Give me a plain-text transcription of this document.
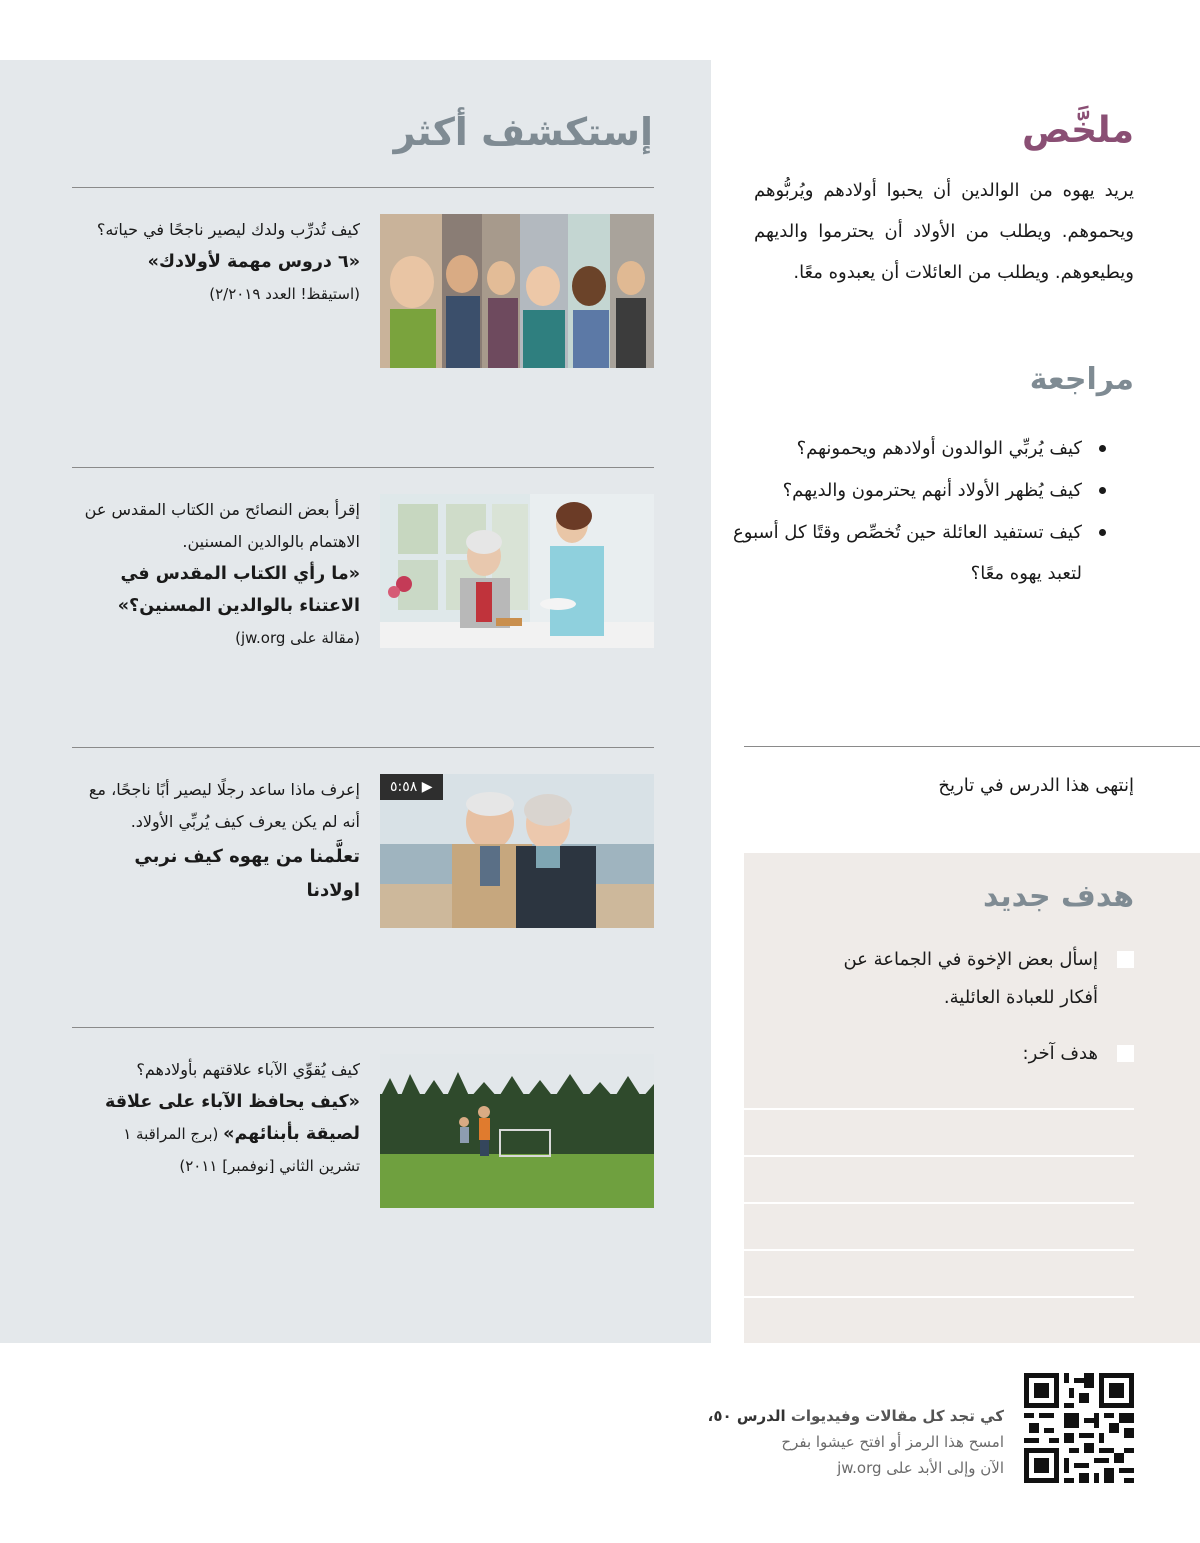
إستكشف أكثر
كيف تُدرِّب ولدك ليصير ناجحًا في حياته؟
«٦ دروس مهمة لأولادك»
(استيقظ! العدد ٢/٢٠١٩)
إقرأ بعض النصائح من الكتاب المقدس عن الاهتمام بالوالدين المسنين.
«ما رأي الكتاب المقدس في الاعتناء بالوالدين المسنين؟»
(مقالة على jw.org)
▶ ٥:٥٨
إعرف ماذا ساعد رجلًا ليصير أبًا ناجحًا، مع أنه لم يكن يعرف كيف يُربِّي الأولاد.
تعلَّمنا من يهوه كيف نربي اولادنا
كيف يُقوِّي الآباء علاقتهم بأولادهم؟
«كيف يحافظ الآباء على علاقة لصيقة بأبنائهم» (برج المراقبة ١ تشرين الثاني [نوفمبر] ٢٠١١)
ملخَّص

يريد يهوه من الوالدين أن يحبوا أولادهم ويُربُّوهم ويحموهم. ويطلب من الأولاد أن يحترموا والديهم ويطيعوهم. ويطلب من العائلات أن يعبدوه معًا.

مراجعة
كيف يُربِّي الوالدون أولادهم ويحمونهم؟
كيف يُظهر الأولاد أنهم يحترمون والديهم؟
كيف تستفيد العائلة حين تُخصِّص وقتًا كل أسبوع لتعبد يهوه معًا؟
إنتهى هذا الدرس في تاريخ
هدف جديد
إسأل بعض الإخوة في الجماعة عن أفكار للعبادة العائلية.
هدف آخر:
كي تجد كل مقالات وفيديوات الدرس ٥٠،
امسح هذا الرمز أو افتح عيشوا بفرح
الآن وإلى الأبد على jw.org
